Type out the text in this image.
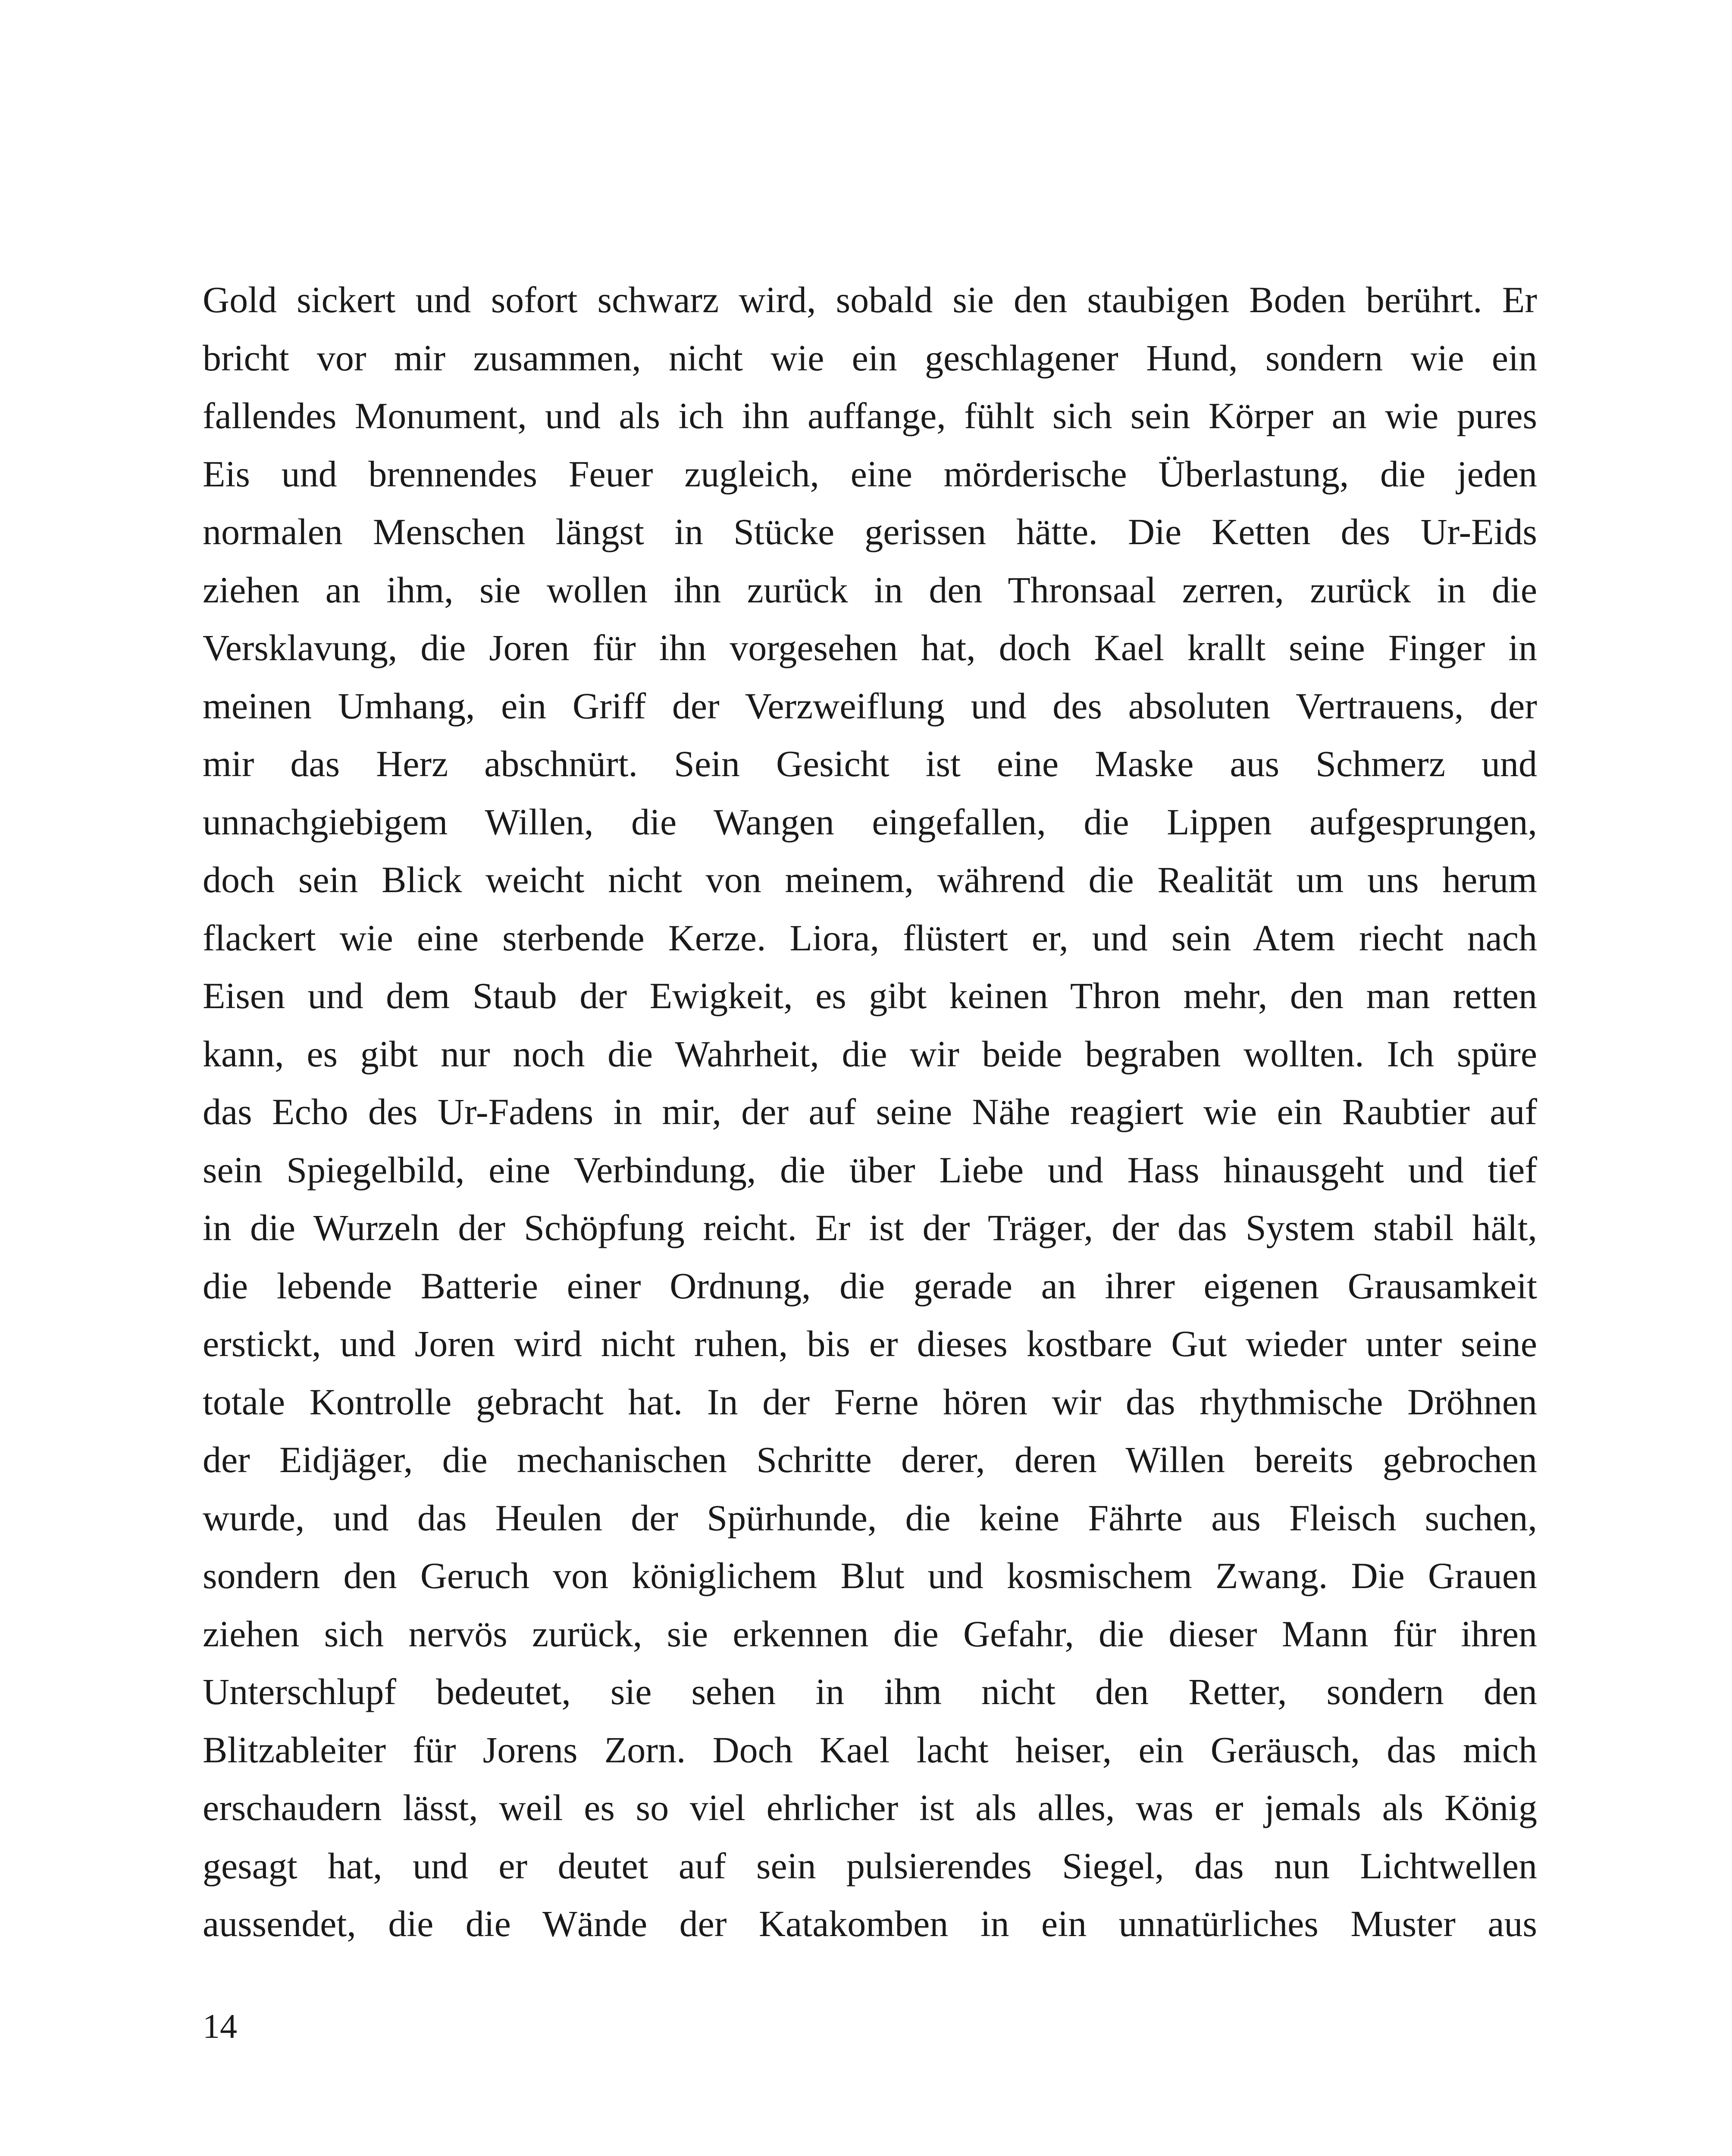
Gold sickert und sofort schwarz wird, sobald sie den staubigen Boden berührt. Er
bricht vor mir zusammen, nicht wie ein geschlagener Hund, sondern wie ein
fallendes Monument, und als ich ihn auffange, fühlt sich sein Körper an wie pures
Eis und brennendes Feuer zugleich, eine mörderische Überlastung, die jeden
normalen Menschen längst in Stücke gerissen hätte. Die Ketten des Ur-Eids
ziehen an ihm, sie wollen ihn zurück in den Thronsaal zerren, zurück in die
Versklavung, die Joren für ihn vorgesehen hat, doch Kael krallt seine Finger in
meinen Umhang, ein Griff der Verzweiflung und des absoluten Vertrauens, der
mir das Herz abschnürt. Sein Gesicht ist eine Maske aus Schmerz und
unnachgiebigem Willen, die Wangen eingefallen, die Lippen aufgesprungen,
doch sein Blick weicht nicht von meinem, während die Realität um uns herum
flackert wie eine sterbende Kerze. Liora, flüstert er, und sein Atem riecht nach
Eisen und dem Staub der Ewigkeit, es gibt keinen Thron mehr, den man retten
kann, es gibt nur noch die Wahrheit, die wir beide begraben wollten. Ich spüre
das Echo des Ur-Fadens in mir, der auf seine Nähe reagiert wie ein Raubtier auf
sein Spiegelbild, eine Verbindung, die über Liebe und Hass hinausgeht und tief
in die Wurzeln der Schöpfung reicht. Er ist der Träger, der das System stabil hält,
die lebende Batterie einer Ordnung, die gerade an ihrer eigenen Grausamkeit
erstickt, und Joren wird nicht ruhen, bis er dieses kostbare Gut wieder unter seine
totale Kontrolle gebracht hat. In der Ferne hören wir das rhythmische Dröhnen
der Eidjäger, die mechanischen Schritte derer, deren Willen bereits gebrochen
wurde, und das Heulen der Spürhunde, die keine Fährte aus Fleisch suchen,
sondern den Geruch von königlichem Blut und kosmischem Zwang. Die Grauen
ziehen sich nervös zurück, sie erkennen die Gefahr, die dieser Mann für ihren
Unterschlupf bedeutet, sie sehen in ihm nicht den Retter, sondern den
Blitzableiter für Jorens Zorn. Doch Kael lacht heiser, ein Geräusch, das mich
erschaudern lässt, weil es so viel ehrlicher ist als alles, was er jemals als König
gesagt hat, und er deutet auf sein pulsierendes Siegel, das nun Lichtwellen
aussendet, die die Wände der Katakomben in ein unnatürliches Muster aus
14
